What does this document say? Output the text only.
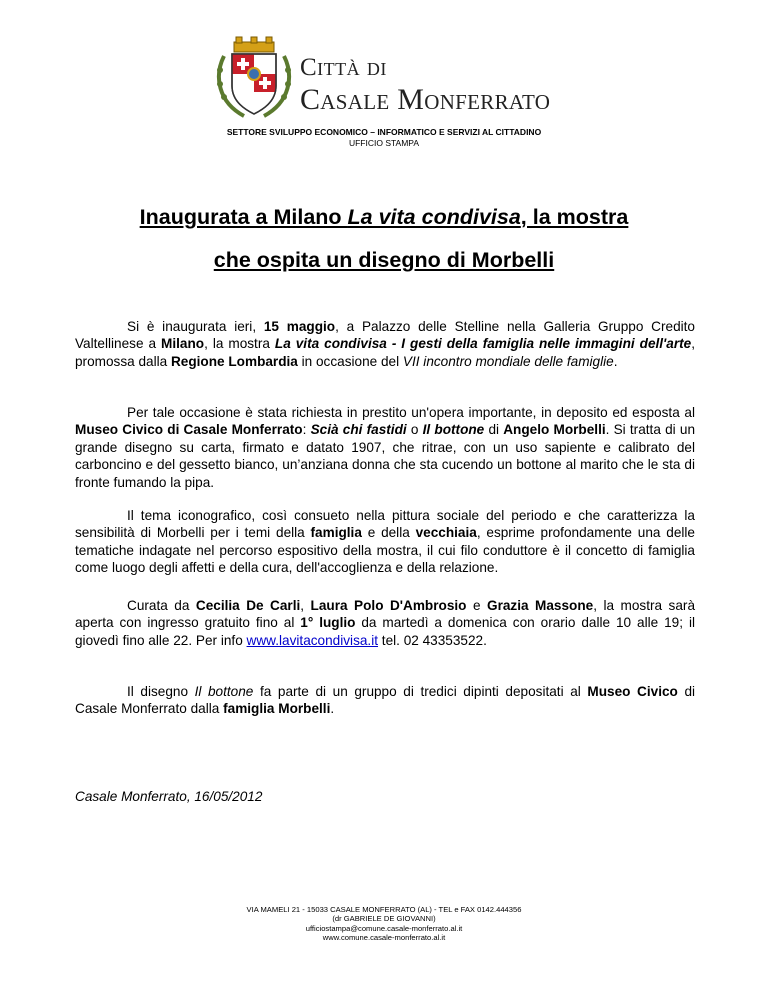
Città di
Casale Monferrato
SETTORE SVILUPPO ECONOMICO – INFORMATICO E SERVIZI AL CITTADINO
UFFICIO STAMPA
Inaugurata a Milano La vita condivisa, la mostra
che ospita un disegno di Morbelli
Si è inaugurata ieri, 15 maggio, a Palazzo delle Stelline nella Galleria Gruppo Credito Valtellinese a Milano, la mostra La vita condivisa - I gesti della famiglia nelle immagini dell'arte, promossa dalla Regione Lombardia in occasione del VII incontro mondiale delle famiglie.
Per tale occasione è stata richiesta in prestito un'opera importante, in deposito ed esposta al Museo Civico di Casale Monferrato: Scià chi fastidi o Il bottone di Angelo Morbelli. Si tratta di un grande disegno su carta, firmato e datato 1907, che ritrae, con un uso sapiente e calibrato del carboncino e del gessetto bianco, un’anziana donna che sta cucendo un bottone al marito che le sta di fronte fumando la pipa.
Il tema iconografico, così consueto nella pittura sociale del periodo e che caratterizza la sensibilità di Morbelli per i temi della famiglia e della vecchiaia, esprime profondamente una delle tematiche indagate nel percorso espositivo della mostra, il cui filo conduttore è il concetto di famiglia come luogo degli affetti e della cura, dell'accoglienza e della relazione.
Curata da Cecilia De Carli, Laura Polo D'Ambrosio e Grazia Massone, la mostra sarà aperta con ingresso gratuito fino al 1° luglio da martedì a domenica con orario dalle 10 alle 19; il giovedì fino alle 22. Per info www.lavitacondivisa.it tel. 02 43353522.
Il disegno Il bottone fa parte di un gruppo di tredici dipinti depositati al Museo Civico di Casale Monferrato dalla famiglia Morbelli.
Casale Monferrato, 16/05/2012
VIA MAMELI 21 - 15033 CASALE MONFERRATO (AL) - TEL e FAX 0142.444356
(dr GABRIELE DE GIOVANNI)
ufficiostampa@comune.casale-monferrato.al.it
www.comune.casale-monferrato.al.it
